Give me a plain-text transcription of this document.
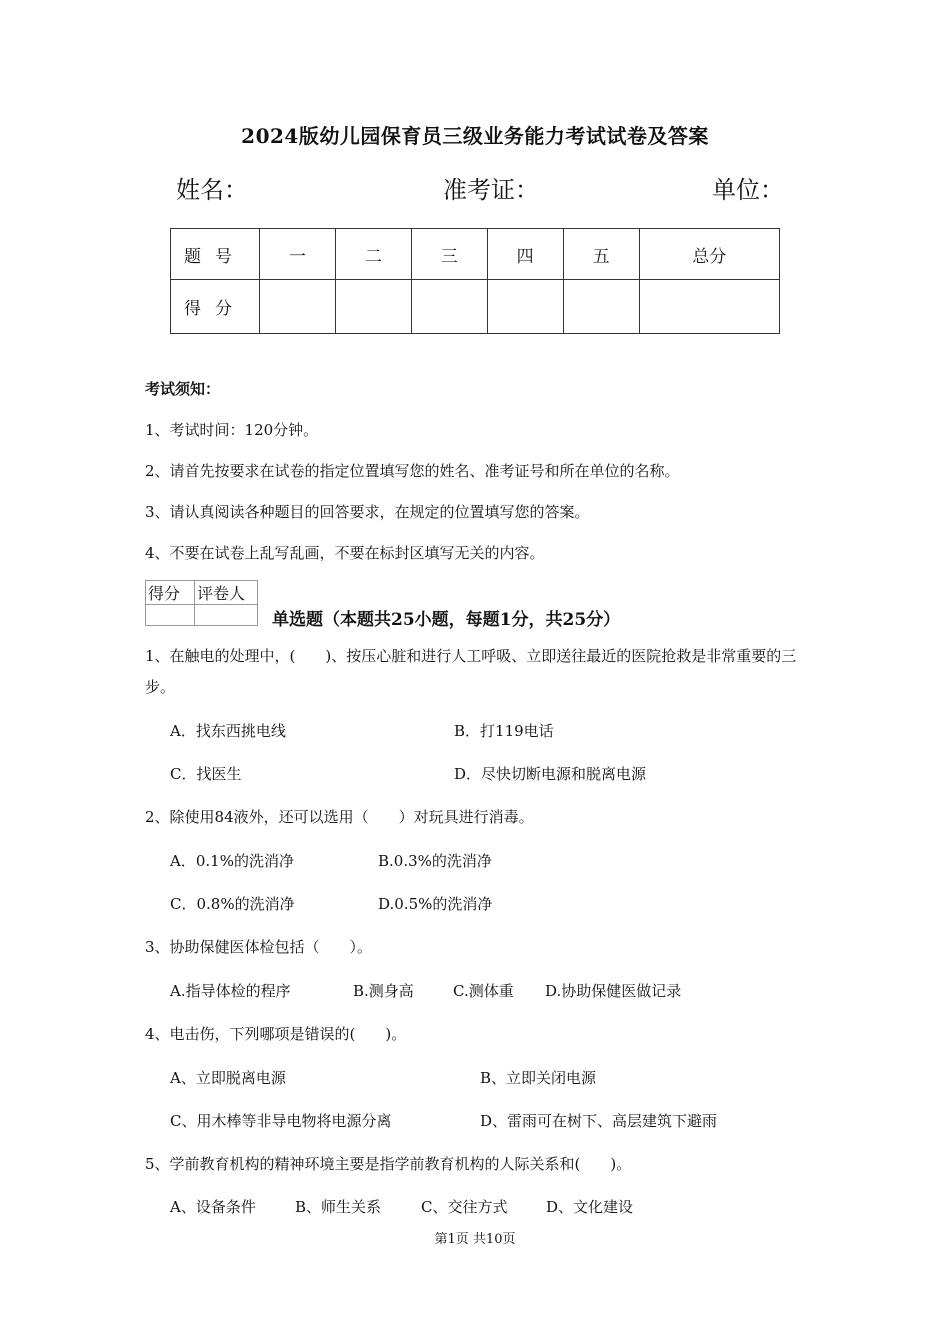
2024版幼儿园保育员三级业务能力考试试卷及答案
姓名：	准考证：	单位：
题号	一	二	三	四	五	总分
得分						
考试须知：
1、考试时间：120分钟。
2、请首先按要求在试卷的指定位置填写您的姓名、准考证号和所在单位的名称。
3、请认真阅读各种题目的回答要求，在规定的位置填写您的答案。
4、不要在试卷上乱写乱画，不要在标封区填写无关的内容。
得分	评卷人

单选题（本题共25小题，每题1分，共25分）
1、在触电的处理中，(　　)、按压心脏和进行人工呼吸、立即送往最近的医院抢救是非常重要的三步。
A．找东西挑电线	B．打119电话
C．找医生	D．尽快切断电源和脱离电源
2、除使用84液外，还可以选用（　　）对玩具进行消毒。
A．0.1%的洗消净	B.0.3%的洗消净
C．0.8%的洗消净	D.0.5%的洗消净
3、协助保健医体检包括（　　）。
A.指导体检的程序	B.测身高	C.测体重 D.协助保健医做记录
4、电击伤，下列哪项是错误的(　　)。
A、立即脱离电源	B、立即关闭电源
C、用木棒等非导电物将电源分离	D、雷雨可在树下、高层建筑下避雨
5、学前教育机构的精神环境主要是指学前教育机构的人际关系和(　　)。
A、设备条件	B、师生关系	C、交往方式	D、文化建设
第1页 共10页
